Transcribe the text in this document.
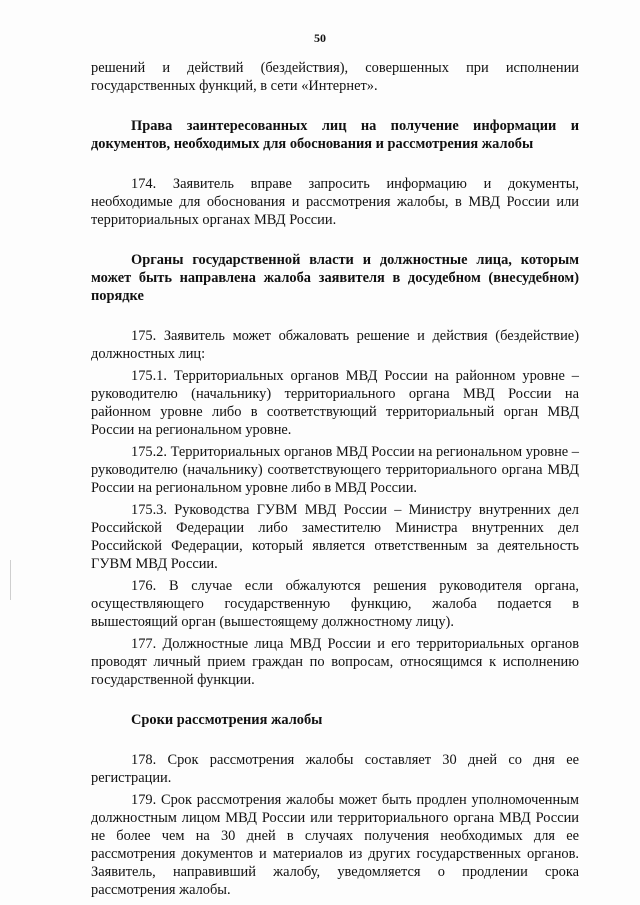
50

решений и действий (бездействия), совершенных при исполнении государственных функций, в сети «Интернет».

Права заинтересованных лиц на получение информации и документов, необходимых для обоснования и рассмотрения жалобы

174. Заявитель вправе запросить информацию и документы, необходимые для обоснования и рассмотрения жалобы, в МВД России или территориальных органах МВД России.

Органы государственной власти и должностные лица, которым может быть направлена жалоба заявителя в досудебном (внесудебном) порядке

175. Заявитель может обжаловать решение и действия (бездействие) должностных лиц:

175.1. Территориальных органов МВД России на районном уровне – руководителю (начальнику) территориального органа МВД России на районном уровне либо в соответствующий территориальный орган МВД России на региональном уровне.

175.2. Территориальных органов МВД России на региональном уровне – руководителю (начальнику) соответствующего территориального органа МВД России на региональном уровне либо в МВД России.

175.3. Руководства ГУВМ МВД России – Министру внутренних дел Российской Федерации либо заместителю Министра внутренних дел Российской Федерации, который является ответственным за деятельность ГУВМ МВД России.

176. В случае если обжалуются решения руководителя органа, осуществляющего государственную функцию, жалоба подается в вышестоящий орган (вышестоящему должностному лицу).

177. Должностные лица МВД России и его территориальных органов проводят личный прием граждан по вопросам, относящимся к исполнению государственной функции.

Сроки рассмотрения жалобы

178. Срок рассмотрения жалобы составляет 30 дней со дня ее регистрации.

179. Срок рассмотрения жалобы может быть продлен уполномоченным должностным лицом МВД России или территориального органа МВД России не более чем на 30 дней в случаях получения необходимых для ее рассмотрения документов и материалов из других государственных органов. Заявитель, направивший жалобу, уведомляется о продлении срока рассмотрения жалобы.
